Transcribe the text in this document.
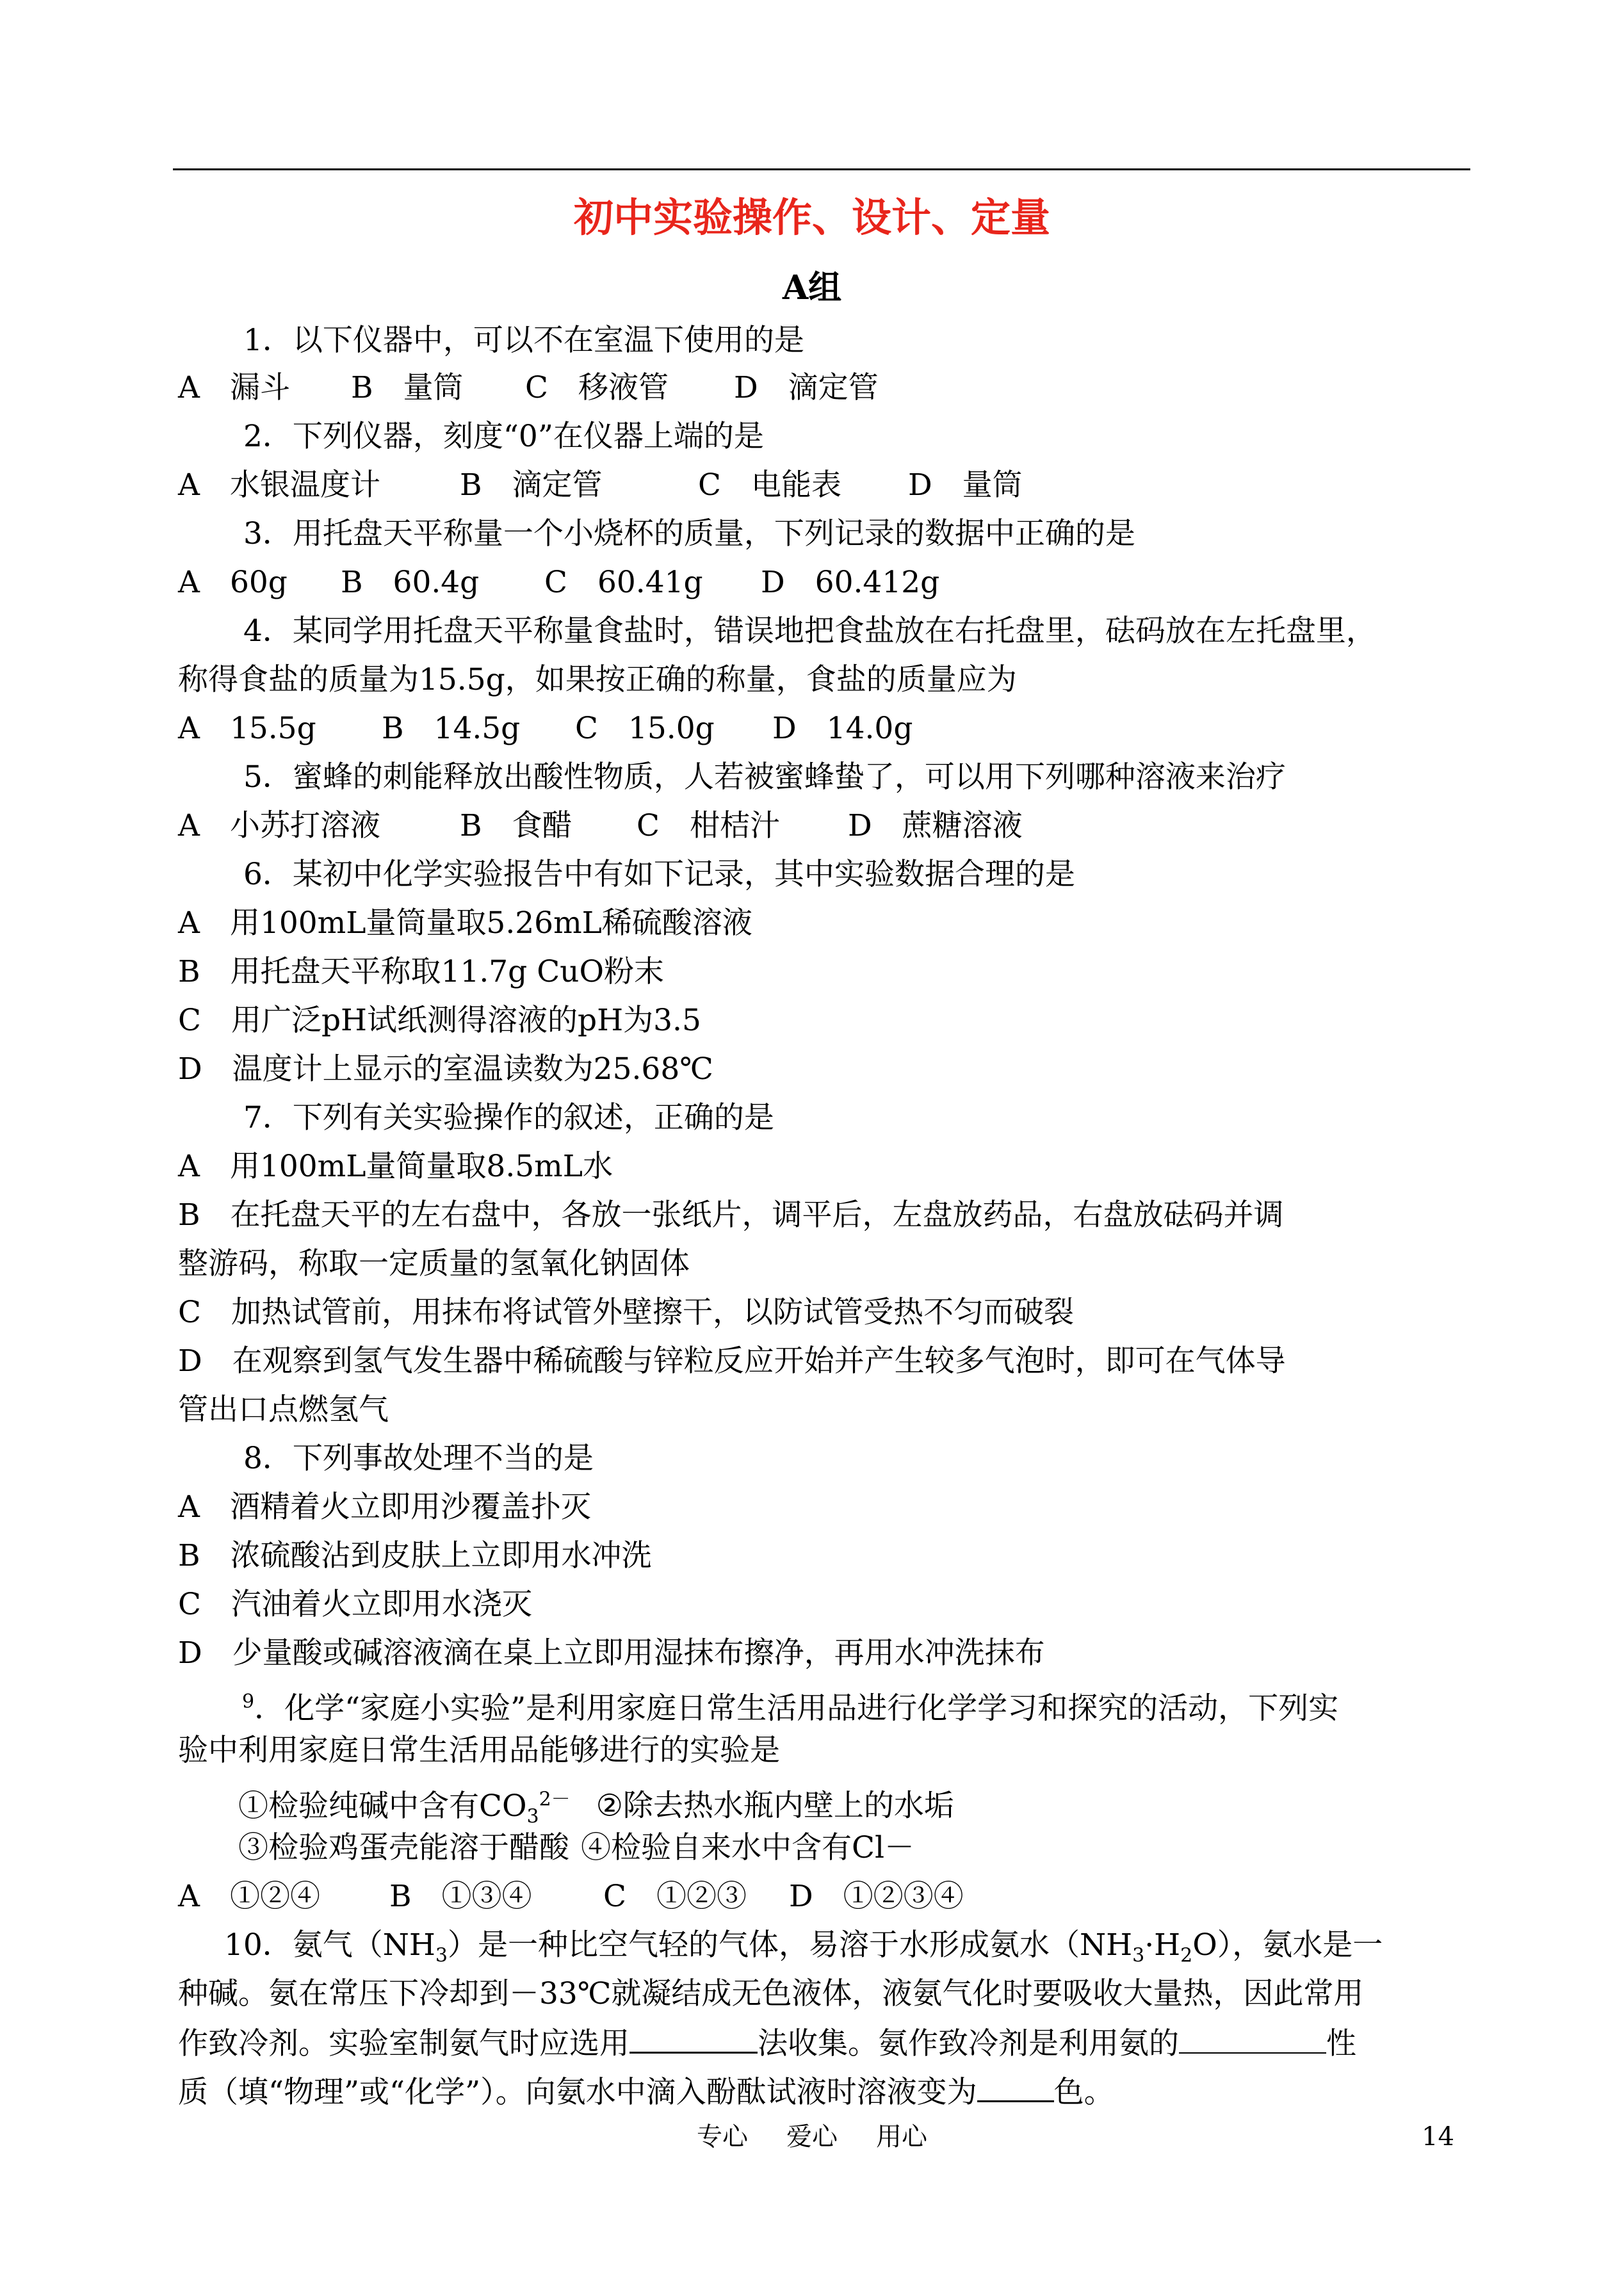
初中实验操作、设计、定量
A组
1．以下仪器中，可以不在室温下使用的是
A　漏斗 B　量筒 C　移液管 D　滴定管
2．下列仪器，刻度“0”在仪器上端的是
A　水银温度计	B　滴定管	C　电能表 D　量筒
3．用托盘天平称量一个小烧杯的质量，下列记录的数据中正确的是
A　60g B　60.4g C　60.41g D　60.412g
4．某同学用托盘天平称量食盐时，错误地把食盐放在右托盘里，砝码放在左托盘里，
称得食盐的质量为15.5g，如果按正确的称量，食盐的质量应为
A　15.5g B　14.5g C　15.0g D　14.0g
5．蜜蜂的刺能释放出酸性物质，人若被蜜蜂蛰了，可以用下列哪种溶液来治疗
A　小苏打溶液	B　食醋 C　柑桔汁 D　蔗糖溶液
6．某初中化学实验报告中有如下记录，其中实验数据合理的是
A　用100mL量筒量取5.26mL稀硫酸溶液
B　用托盘天平称取11.7g CuO粉末
C　用广泛pH试纸测得溶液的pH为3.5
D　温度计上显示的室温读数为25.68℃
7．下列有关实验操作的叙述，正确的是
A　用100mL量简量取8.5mL水
B　在托盘天平的左右盘中，各放一张纸片，调平后，左盘放药品，右盘放砝码并调
整游码，称取一定质量的氢氧化钠固体
C　加热试管前，用抹布将试管外壁擦干，以防试管受热不匀而破裂
D　在观察到氢气发生器中稀硫酸与锌粒反应开始并产生较多气泡时，即可在气体导
管出口点燃氢气
8．下列事故处理不当的是
A　酒精着火立即用沙覆盖扑灭
B　浓硫酸沾到皮肤上立即用水冲洗
C　汽油着火立即用水浇灭
D　少量酸或碱溶液滴在桌上立即用湿抹布擦净，再用水冲洗抹布
$^9$．化学“家庭小实验”是利用家庭日常生活用品进行化学学习和探究的活动，下列实
验中利用家庭日常生活用品能够进行的实验是
①检验纯碱中含有$CO_3^{2-}$ ②除去热水瓶内壁上的水垢
③检验鸡蛋壳能溶于醋酸 ④检验自来水中含有Cl－
A　①②④ B　①③④ C　①②③ D　①②③④
10．氨气$(NH_3)$是一种比空气轻的气体，易溶于水形成氨水$(NH_3\cdot H_2O)$，氨水是一
种碱。氨在常压下冷却到－33℃就凝结成无色液体，液氨气化时要吸收大量热，因此常用
作致冷剂。实验室制氨气时应选用	法收集。氨作致冷剂是利用氨的	性
质（填“物理”或“化学”）。向氨水中滴入酚酞试液时溶液变为	色。
专心 爱心 用心	14
